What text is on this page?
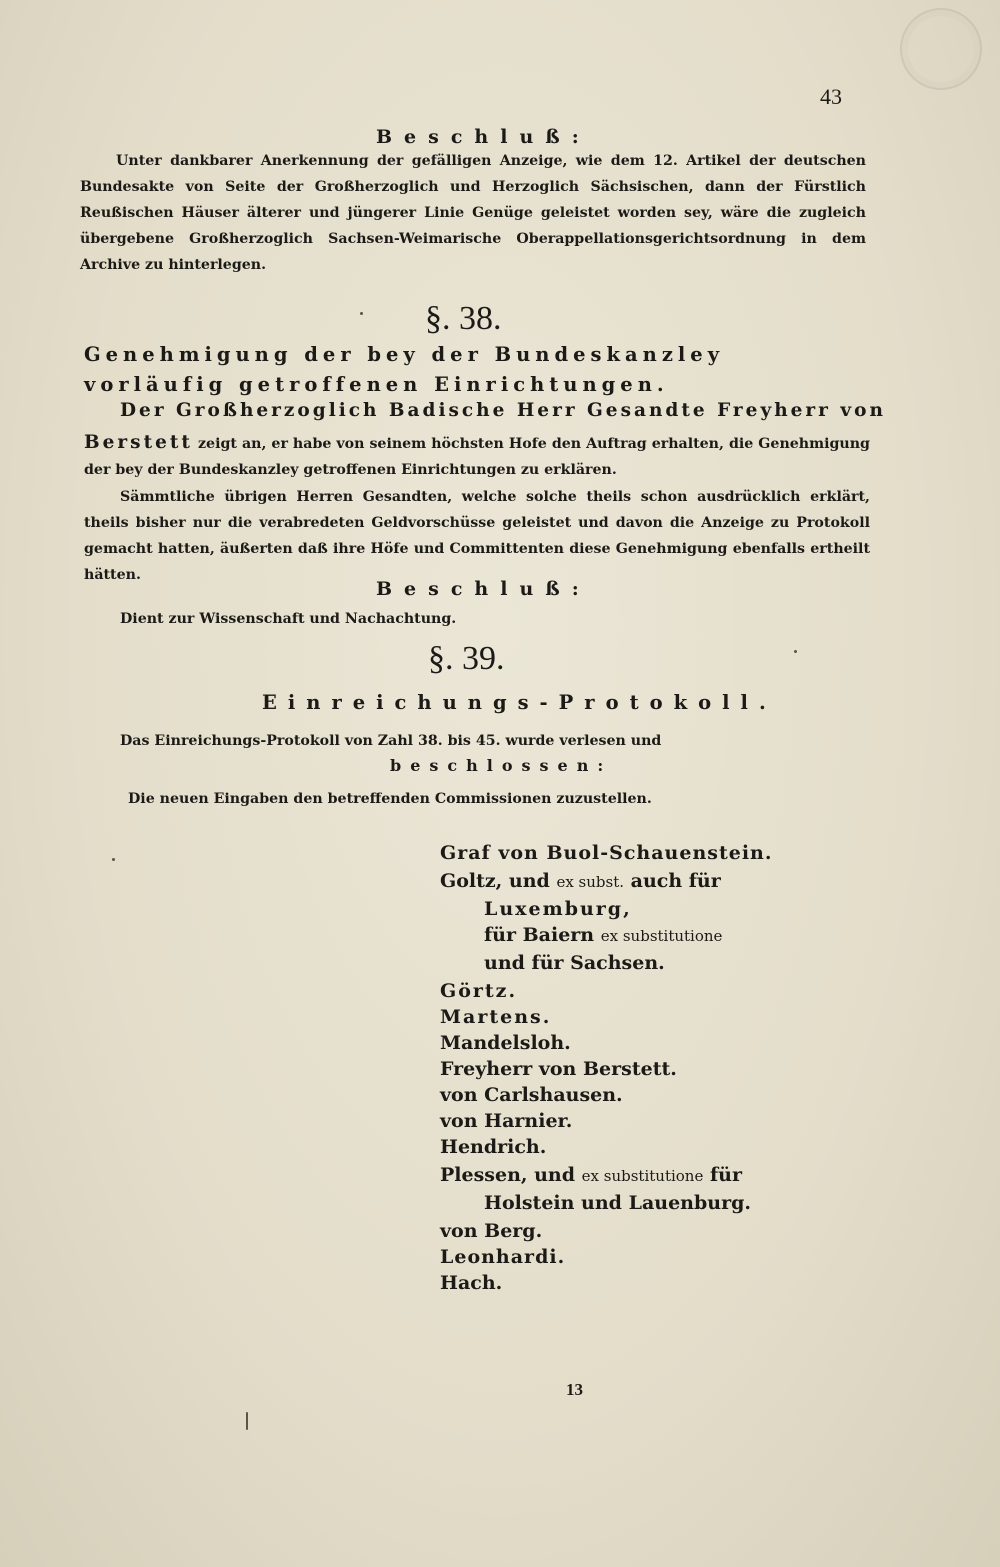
43
Beschluß:
Unter dankbarer Anerkennung der gefälligen Anzeige, wie dem 12. Artikel der deutschen Bundesakte von Seite der Großherzoglich und Herzoglich Sächsischen, dann der Fürstlich Reußischen Häuser älterer und jüngerer Linie Genüge geleistet worden sey, wäre die zugleich übergebene Großherzoglich Sachsen-Weimarische Oberappellationsgerichtsordnung in dem Archive zu hinterlegen.
§. 38.
Genehmigung der bey der Bundeskanzley vorläufig getroffenen Einrichtungen.
Der Großherzoglich Badische Herr Gesandte Freyherr von
Berstett zeigt an, er habe von seinem höchsten Hofe den Auftrag erhalten, die Genehmigung der bey der Bundeskanzley getroffenen Einrichtungen zu erklären.
Sämmtliche übrigen Herren Gesandten, welche solche theils schon ausdrücklich erklärt, theils bisher nur die verabredeten Geldvorschüsse geleistet und davon die Anzeige zu Protokoll gemacht hatten, äußerten daß ihre Höfe und Committenten diese Genehmigung ebenfalls ertheilt hätten.
Beschluß:
Dient zur Wissenschaft und Nachachtung.
§. 39.
Einreichungs-Protokoll.
Das Einreichungs-Protokoll von Zahl 38. bis 45. wurde verlesen und
beschlossen:
Die neuen Eingaben den betreffenden Commissionen zuzustellen.
Graf von Buol-Schauenstein.
Goltz, und ex subst. auch für
Luxemburg,
für Baiern ex substitutione
und für Sachsen.
Görtz.
Martens.
Mandelsloh.
Freyherr von Berstett.
von Carlshausen.
von Harnier.
Hendrich.
Plessen, und ex substitutione für
Holstein und Lauenburg.
von Berg.
Leonhardi.
Hach.
13
